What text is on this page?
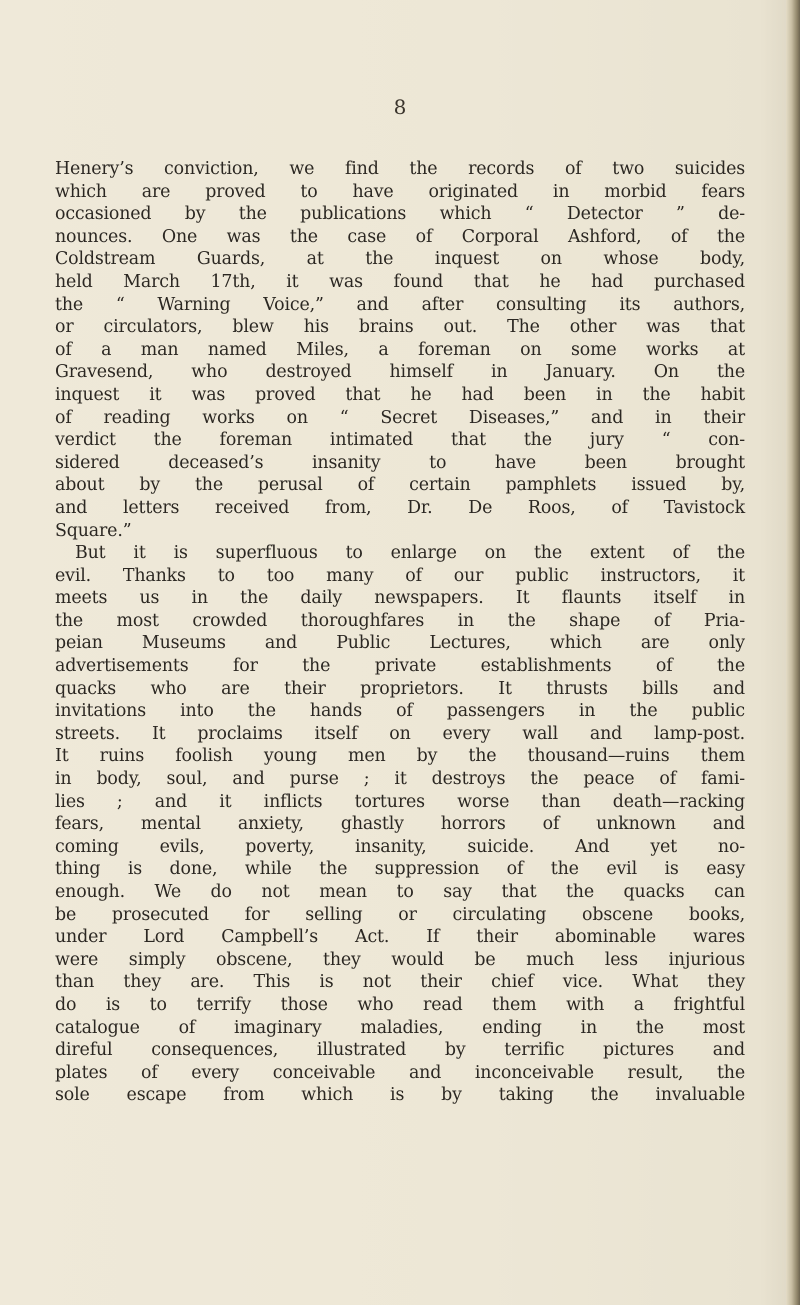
8
Henery’s conviction, we find the records of two suicides
which are proved to have originated in morbid fears
occasioned by the publications which “ Detector ” de-
nounces. One was the case of Corporal Ashford, of the
Coldstream Guards, at the inquest on whose body,
held March 17th, it was found that he had purchased
the “ Warning Voice,” and after consulting its authors,
or circulators, blew his brains out. The other was that
of a man named Miles, a foreman on some works at
Gravesend, who destroyed himself in January. On the
inquest it was proved that he had been in the habit
of reading works on “ Secret Diseases,” and in their
verdict the foreman intimated that the jury “ con-
sidered deceased’s insanity to have been brought
about by the perusal of certain pamphlets issued by,
and letters received from, Dr. De Roos, of Tavistock
Square.”
But it is superfluous to enlarge on the extent of the
evil. Thanks to too many of our public instructors, it
meets us in the daily newspapers. It flaunts itself in
the most crowded thoroughfares in the shape of Pria-
peian Museums and Public Lectures, which are only
advertisements for the private establishments of the
quacks who are their proprietors. It thrusts bills and
invitations into the hands of passengers in the public
streets. It proclaims itself on every wall and lamp-post.
It ruins foolish young men by the thousand—ruins them
in body, soul, and purse ; it destroys the peace of fami-
lies ; and it inflicts tortures worse than death—racking
fears, mental anxiety, ghastly horrors of unknown and
coming evils, poverty, insanity, suicide. And yet no-
thing is done, while the suppression of the evil is easy
enough. We do not mean to say that the quacks can
be prosecuted for selling or circulating obscene books,
under Lord Campbell’s Act. If their abominable wares
were simply obscene, they would be much less injurious
than they are. This is not their chief vice. What they
do is to terrify those who read them with a frightful
catalogue of imaginary maladies, ending in the most
direful consequences, illustrated by terrific pictures and
plates of every conceivable and inconceivable result, the
sole escape from which is by taking the invaluable
